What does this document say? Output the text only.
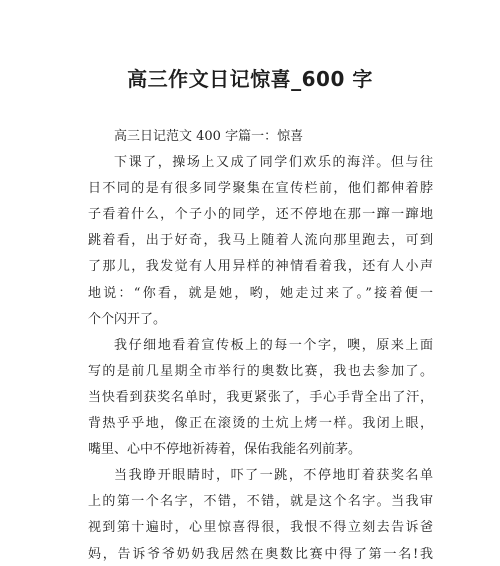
高三作文日记惊喜_600 字
高三日记范文 400 字篇一：惊喜
下课了，操场上又成了同学们欢乐的海洋。但与往
日不同的是有很多同学聚集在宣传栏前，他们都伸着脖
子看着什么，个子小的同学，还不停地在那一蹿一蹿地
跳着看，出于好奇，我马上随着人流向那里跑去，可到
了那儿，我发觉有人用异样的神情看着我，还有人小声
地说：“你看，就是她，哟，她走过来了。”接着便一
个个闪开了。
我仔细地看着宣传板上的每一个字，噢，原来上面
写的是前几星期全市举行的奥数比赛，我也去参加了。
当快看到获奖名单时，我更紧张了，手心手背全出了汗，
背热乎乎地，像正在滚烫的土炕上烤一样。我闭上眼，
嘴里、心中不停地祈祷着，保佑我能名列前茅。
当我睁开眼睛时，吓了一跳，不停地盯着获奖名单
上的第一个名字，不错，不错，就是这个名字。当我审
视到第十遍时，心里惊喜得很，我恨不得立刻去告诉爸
妈，告诉爷爷奶奶我居然在奥数比赛中得了第一名!我
